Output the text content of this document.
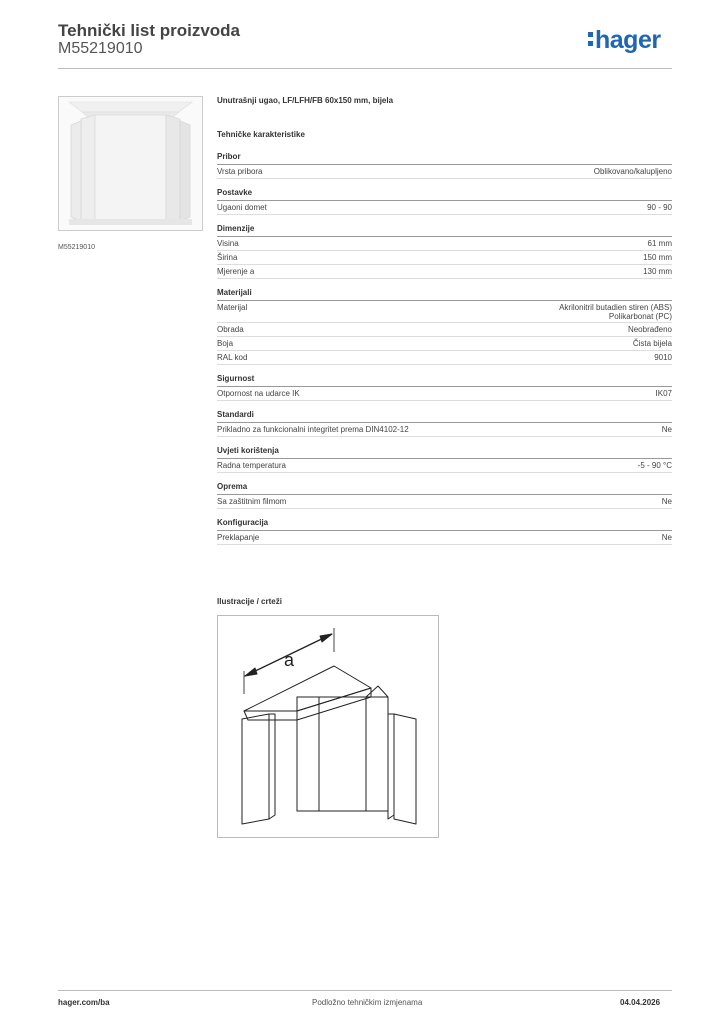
Tehnički list proizvoda
M55219010	hager
M55219010
Unutrašnji ugao, LF/LFH/FB 60x150 mm, bijela
Tehničke karakteristike
Pribor
Vrsta pribora	Oblikovano/kalupljeno
Postavke
Ugaoni domet	90 - 90
Dimenzije
Visina	61 mm
Širina	150 mm
Mjerenje a	130 mm
Materijali
Materijal	Akrilonitril butadien stiren (ABS)
Polikarbonat (PC)
Obrada	Neobrađeno
Boja	Čista bijela
RAL kod	9010
Sigurnost
Otpornost na udarce IK	IK07
Standardi
Prikladno za funkcionalni integritet prema DIN4102-12	Ne
Uvjeti korištenja
Radna temperatura	-5 - 90 °C
Oprema
Sa zaštitnim filmom	Ne
Konfiguracija
Preklapanje	Ne
Ilustracije / crteži
a
hager.com/ba	Podložno tehničkim izmjenama	04.04.2026
